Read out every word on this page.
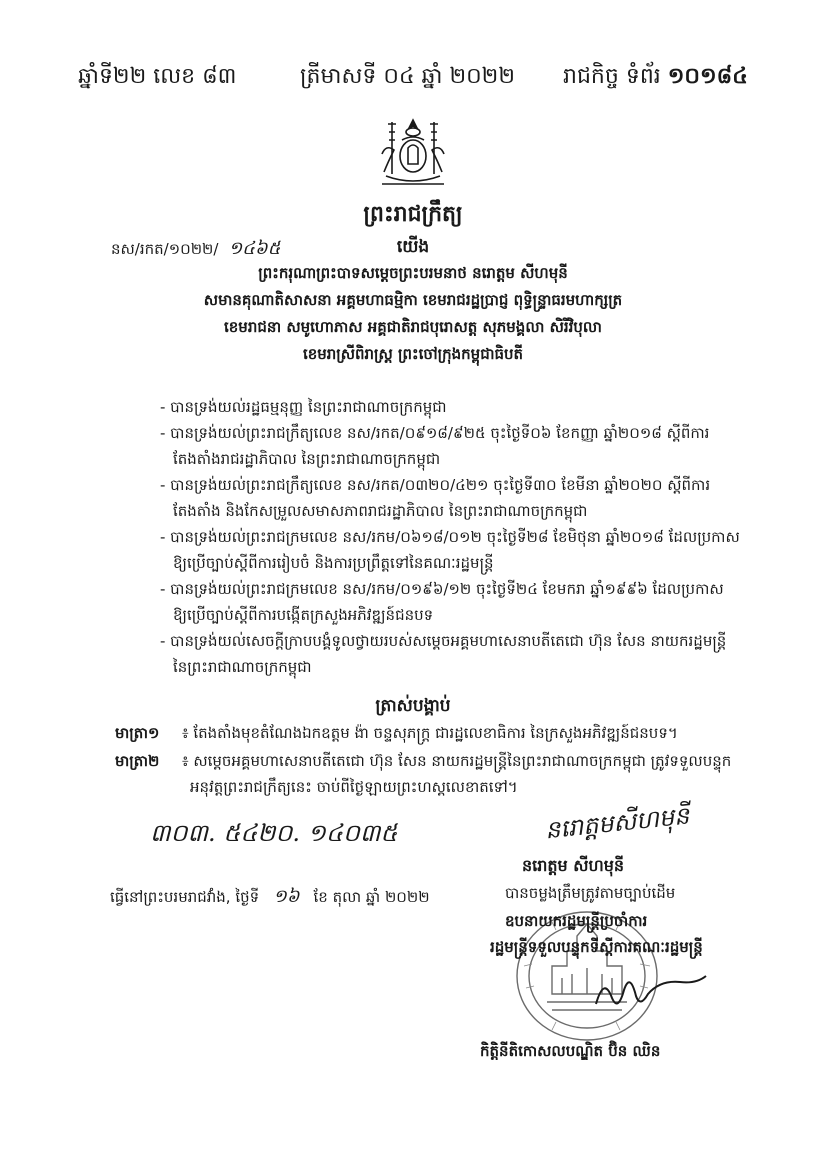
ឆ្នាំទី២២ លេខ ៨៣	ត្រីមាសទី ០៤ ឆ្នាំ ២០២២ រាជកិច្ច ទំព័រ ១០១៨៤
ព្រះរាជក្រឹត្យ
នស/រកត/១០២២/ ១៤៦៥	យើង
ព្រះករុណាព្រះបាទសម្តេចព្រះបរមនាថ នរោត្តម សីហមុនី
សមានគុណាតិសាសនា អគ្គមហាធម្មិកា ខេមរាជរដ្ឋប្រាជ្ញ ពុទ្ធិន្ទ្រាធរមហាក្សត្រ
ខេមរាជនា សមូហោភាស អគ្គជាតិរាជបុរោសត្ត សុភមង្គលា សិរីវិបុលា
ខេមរាស្រីពិរាស្ត្រ ព្រះចៅក្រុងកម្ពុជាធិបតី
- បានទ្រង់យល់រដ្ឋធម្មនុញ្ញ នៃព្រះរាជាណាចក្រកម្ពុជា
- បានទ្រង់យល់ព្រះរាជក្រឹត្យលេខ នស/រកត/០៩១៨/៩២៥ ចុះថ្ងៃទី០៦ ខែកញ្ញា ឆ្នាំ២០១៨ ស្តីពីការ
តែងតាំងរាជរដ្ឋាភិបាល នៃព្រះរាជាណាចក្រកម្ពុជា
- បានទ្រង់យល់ព្រះរាជក្រឹត្យលេខ នស/រកត/០៣២០/៤២១ ចុះថ្ងៃទី៣០ ខែមីនា ឆ្នាំ២០២០ ស្តីពីការ
តែងតាំង និងកែសម្រួលសមាសភាពរាជរដ្ឋាភិបាល នៃព្រះរាជាណាចក្រកម្ពុជា
- បានទ្រង់យល់ព្រះរាជក្រមលេខ នស/រកម/០៦១៨/០១២ ចុះថ្ងៃទី២៨ ខែមិថុនា ឆ្នាំ២០១៨ ដែលប្រកាស
ឱ្យប្រើច្បាប់ស្តីពីការរៀបចំ និងការប្រព្រឹត្តទៅនៃគណៈរដ្ឋមន្ត្រី
- បានទ្រង់យល់ព្រះរាជក្រមលេខ នស/រកម/០១៩៦/១២ ចុះថ្ងៃទី២៤ ខែមករា ឆ្នាំ១៩៩៦ ដែលប្រកាស
ឱ្យប្រើច្បាប់ស្តីពីការបង្កើតក្រសួងអភិវឌ្ឍន៍ជនបទ
- បានទ្រង់យល់សេចក្តីក្រាបបង្គំទូលថ្វាយរបស់សម្តេចអគ្គមហាសេនាបតីតេជោ ហ៊ុន សែន នាយករដ្ឋមន្ត្រី
នៃព្រះរាជាណាចក្រកម្ពុជា
ត្រាស់បង្គាប់
មាត្រា១ ៖ តែងតាំងមុខតំណែងឯកឧត្តម ង៉ា ចន្ទសុភក្ត្រ ជារដ្ឋលេខាធិការ នៃក្រសួងអភិវឌ្ឍន៍ជនបទ។
មាត្រា២ ៖ សម្តេចអគ្គមហាសេនាបតីតេជោ ហ៊ុន សែន នាយករដ្ឋមន្ត្រីនៃព្រះរាជាណាចក្រកម្ពុជា ត្រូវទទួលបន្ទុក
អនុវត្តព្រះរាជក្រឹត្យនេះ ចាប់ពីថ្ងៃឡាយព្រះហស្តលេខាតទៅ។
៣០៣. ៥៤២០. ១៤០៣៥	នរោត្តមសីហមុនី
នរោត្តម សីហមុនី
ធ្វើនៅព្រះបរមរាជវាំង, ថ្ងៃទី ១៦ ខែ តុលា ឆ្នាំ ២០២២	បានចម្លងត្រឹមត្រូវតាមច្បាប់ដើម
ឧបនាយករដ្ឋមន្ត្រីប្រចាំការ
រដ្ឋមន្ត្រីទទួលបន្ទុកទីស្តីការគណៈរដ្ឋមន្ត្រី
កិត្តិនីតិកោសលបណ្ឌិត ប៊ិន ឈិន
